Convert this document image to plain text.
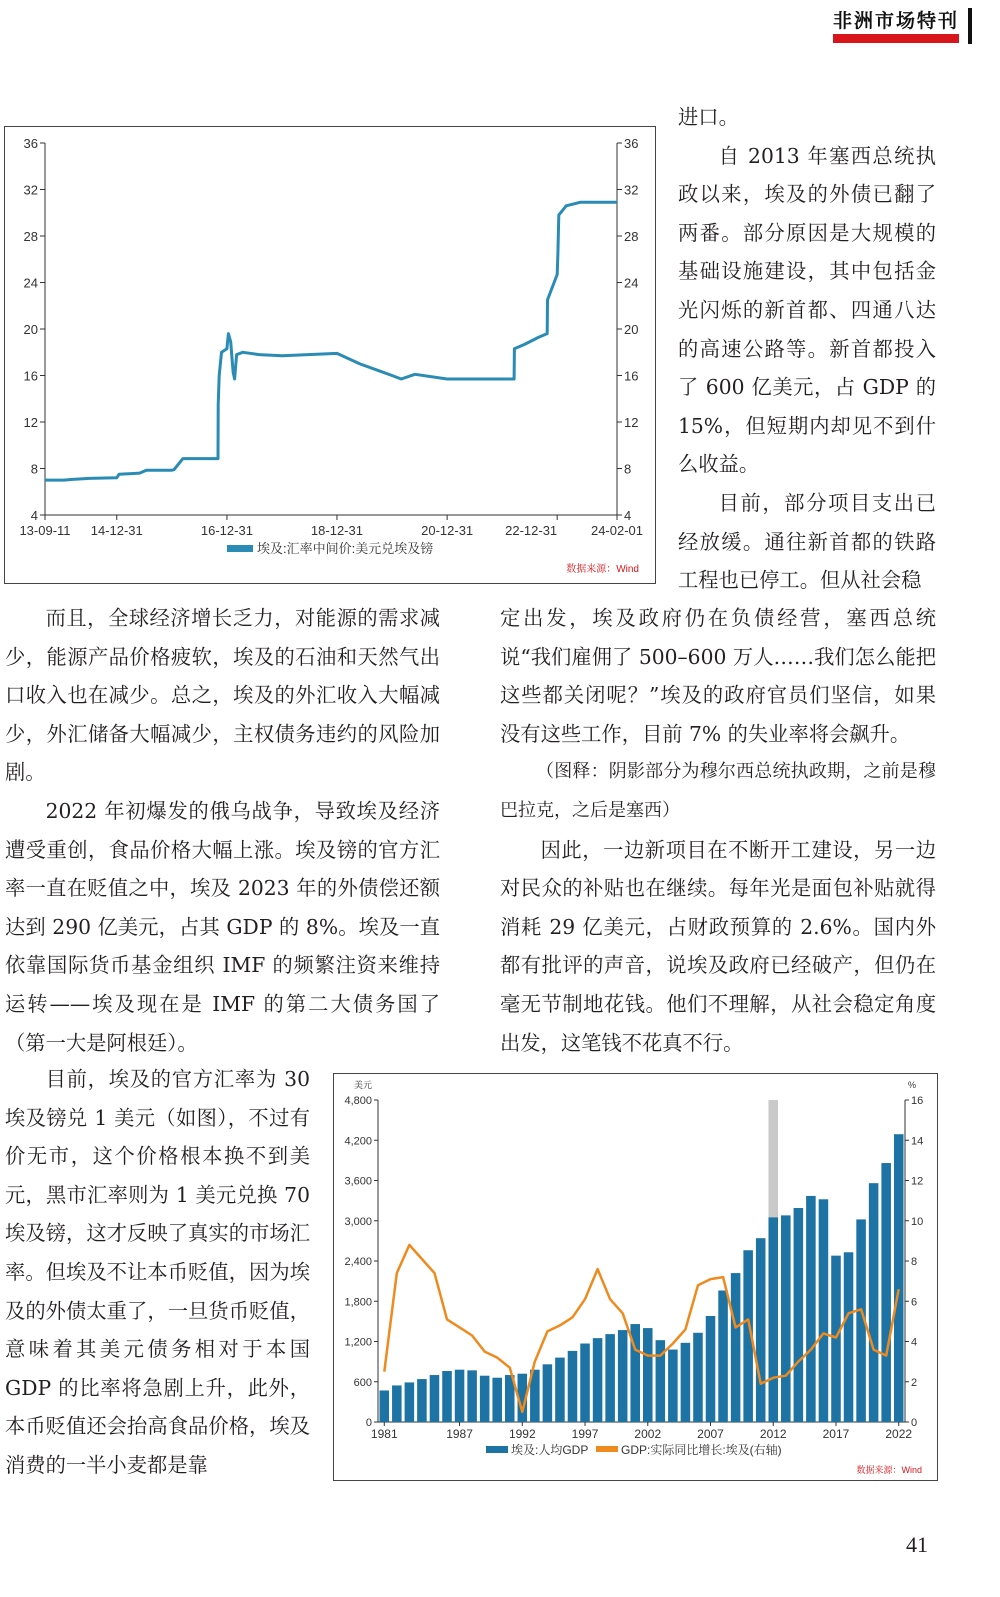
非洲市场特刊
4	4
8	8
12	12
16	16
20	20
24	24
28	28
32	32
36	36
13-09-11 14-12-31	16-12-31	18-12-31	20-12-31 22-12-31	24-02-01
埃及:汇率中间价:美元兑埃及镑
数据来源：Wind
美元	%
0
600
1,200
1,800
2,400
3,000
3,600
4,200
4,800
0
2
4
6
8
10
12
14
16
1981	1987	1992	1997	2002	2007	2012	2017	2022
埃及:人均GDP	GDP:实际同比增长:埃及(右轴)
数据来源：Wind

进口。

自 2013 年塞西总统执政以来，埃及的外债已翻了两番。部分原因是大规模的基础设施建设，其中包括金光闪烁的新首都、四通八达的高速公路等。新首都投入了 600 亿美元，占 GDP 的 15%，但短期内却见不到什么收益。

目前，部分项目支出已经放缓。通往新首都的铁路工程也已停工。但从社会稳

定出发，埃及政府仍在负债经营，塞西总统说“我们雇佣了 500–600 万人……我们怎么能把这些都关闭呢？”埃及的政府官员们坚信，如果没有这些工作，目前 7% 的失业率将会飙升。

（图释：阴影部分为穆尔西总统执政期，之前是穆巴拉克，之后是塞西）

因此，一边新项目在不断开工建设，另一边对民众的补贴也在继续。每年光是面包补贴就得消耗 29 亿美元，占财政预算的 2.6%。国内外都有批评的声音，说埃及政府已经破产，但仍在毫无节制地花钱。他们不理解，从社会稳定角度出发，这笔钱不花真不行。

而且，全球经济增长乏力，对能源的需求减少，能源产品价格疲软，埃及的石油和天然气出口收入也在减少。总之，埃及的外汇收入大幅减少，外汇储备大幅减少，主权债务违约的风险加剧。

2022 年初爆发的俄乌战争，导致埃及经济遭受重创，食品价格大幅上涨。埃及镑的官方汇率一直在贬值之中，埃及 2023 年的外债偿还额达到 290 亿美元，占其 GDP 的 8%。埃及一直依靠国际货币基金组织 IMF 的频繁注资来维持运转——埃及现在是 IMF 的第二大债务国了（第一大是阿根廷）。

目前，埃及的官方汇率为 30 埃及镑兑 1 美元（如图），不过有价无市，这个价格根本换不到美元，黑市汇率则为 1 美元兑换 70 埃及镑，这才反映了真实的市场汇率。但埃及不让本币贬值，因为埃及的外债太重了，一旦货币贬值，意味着其美元债务相对于本国 GDP 的比率将急剧上升，此外，本币贬值还会抬高食品价格，埃及消费的一半小麦都是靠

41
